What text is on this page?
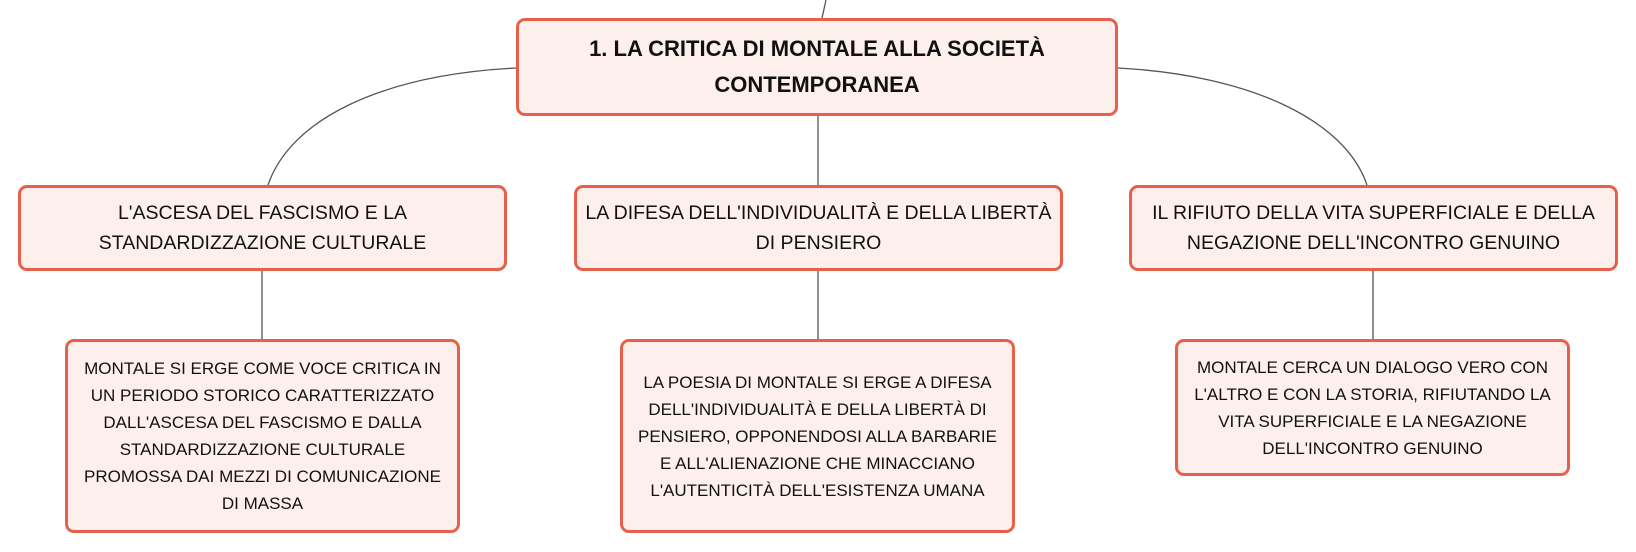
1. LA CRITICA DI MONTALE ALLA SOCIETÀ CONTEMPORANEA
L'ASCESA DEL FASCISMO E LA STANDARDIZZAZIONE CULTURALE
LA DIFESA DELL'INDIVIDUALITÀ E DELLA LIBERTÀ DI PENSIERO
IL RIFIUTO DELLA VITA SUPERFICIALE E DELLA NEGAZIONE DELL'INCONTRO GENUINO
MONTALE SI ERGE COME VOCE CRITICA IN UN PERIODO STORICO CARATTERIZZATO DALL'ASCESA DEL FASCISMO E DALLA STANDARDIZZAZIONE CULTURALE PROMOSSA DAI MEZZI DI COMUNICAZIONE DI MASSA
LA POESIA DI MONTALE SI ERGE A DIFESA DELL'INDIVIDUALITÀ E DELLA LIBERTÀ DI PENSIERO, OPPONENDOSI ALLA BARBARIE E ALL'ALIENAZIONE CHE MINACCIANO L'AUTENTICITÀ DELL'ESISTENZA UMANA
MONTALE CERCA UN DIALOGO VERO CON L'ALTRO E CON LA STORIA, RIFIUTANDO LA VITA SUPERFICIALE E LA NEGAZIONE DELL'INCONTRO GENUINO
